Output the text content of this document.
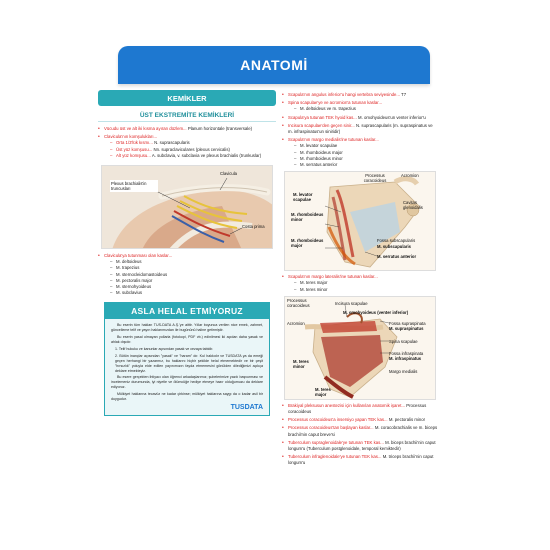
ANATOMİ
KEMİKLER
ÜST EKSTREMİTE KEMİKLERİ
• Vücudu üst ve alt iki kısma ayıran düzlem... Planum horizontale (transversale)
• Clavicula'nın komşulukları...
– Orta 1/3'lük kısmı... N. suprascapularis
– Üst yüz komşusu... Nn. supraclaviculares (plexus cervicalis)
– Alt yüz komşusu... A. subclavia, v. subclavia ve plexus brachialis (trunkuslar)
Clavicula
Plexus brachialis'in truncusları
Costa prima
• Clavicula'ya tutunması olan kaslar...
– M. deltoideus
– M. trapezius
– M. sternocleidomastoideus
– M. pectoralis major
– M. sternohyoideus
– M. subclavius
ASLA HELAL ETMİYORUZ

Bu eserin tüm hakları TUS-DATA A.Ş.'ye aittir. Yıllar boyunca verilen nice emek, zahmet, güncelleme telif ve yayın haklarımızdan ile bugününü haline getirmiştir.

Bu eserin yasal olmayan yollarla (fotokopi, PDF vb.) edinilmesi iki açıdan daha yasak ve ahlak dışıdır.

1. Telif hukuku ve kanunlar açısından yasak ve cezaya tabidir.
2. Bütün inançlar açısından "yasak" ve "haram" dır. Kul hakkıdır ve TUSDATA ya da emeği geçen herhangi bir yazarmız, bu haklarını hiçbir şekilde helal etmemektedir ve bir çeşit "hırsızlık" yoluyla elde edilen yayınımızın fayda etmemesini gönülden dilediğimizi açıkça deklare etmekteyiz.

Bu esere gerçekten ihtiyacı olan öğrenci arkadaşlarımız; şubelerimize yazılı başvurması ve incelemeniz durumunda, iyi niyetle ve ölümcüğe hediye etmeye hazır olduğumuzu da deklare ediyoruz.

Mülkiyet haklarına tecavüz ne kadar çirkinse; mülkiyet haklarına saygı da o kadar asil bir duygudur.

TUSDATA
• Scapula'nın angulus inferior'u hangi vertebra seviyesinde... T7
• Spina scapulae'ye ve acromion'a tutunan kaslar...
– M. deltoideus ve m. trapezius
• Scapula'ya tutunan TEK hyoid kas... M. omohyoideus'un venter inferior'u
• Incisura scapulae'den geçen sinir... N. suprascapularis (m. supraspinatus ve m. infraspinatus'un siniridir)
• Scapula'nın margo medialis'ine tutunan kaslar...
– M. levator scapulae
– M. rhomboideus major
– M. rhomboideus minor
– M. serratus anterior
Processus coracoideus
Acromion
M. levator scapulae
Cavitas glenoidalis
M. rhomboideus minor
M. rhomboideus major
Fossa subscapularis
M. subscapularis
M. serratus anterior
• Scapula'nın margo lateralis'ine tutunan kaslar...
– M. teres major
– M. teres minor
Processus coracoideus	Incisura scapulae
Acromion
M. omohyoideus (venter inferior)
Fossa supraspinata
M. supraspinatus
Spina scapulae
Fossa infraspinata
M. infraspinatus
M. teres minor
M. teres major
Margo medialis
• Brakiyal pleksusun anestezisi için kullanılan anatomik işaret... Processus coracoideus
• Processus coracoideus'a insersiyo yapan TEK kas... M. pectoralis minor
• Processus coracoideus'tan başlayan kaslar... M. coracobrachialis ve m. biceps brachii'nin caput breve'si
• Tuberculum supraglenoidale'ye tutunan TEK kas... M. biceps brachii'nin caput longum'u (Tuberculum postglenoidale, temporal kemiktedir)
• Tuberculum infraglenoidale'ye tutunan TEK kas... M. triceps brachii'nin caput longum'u
